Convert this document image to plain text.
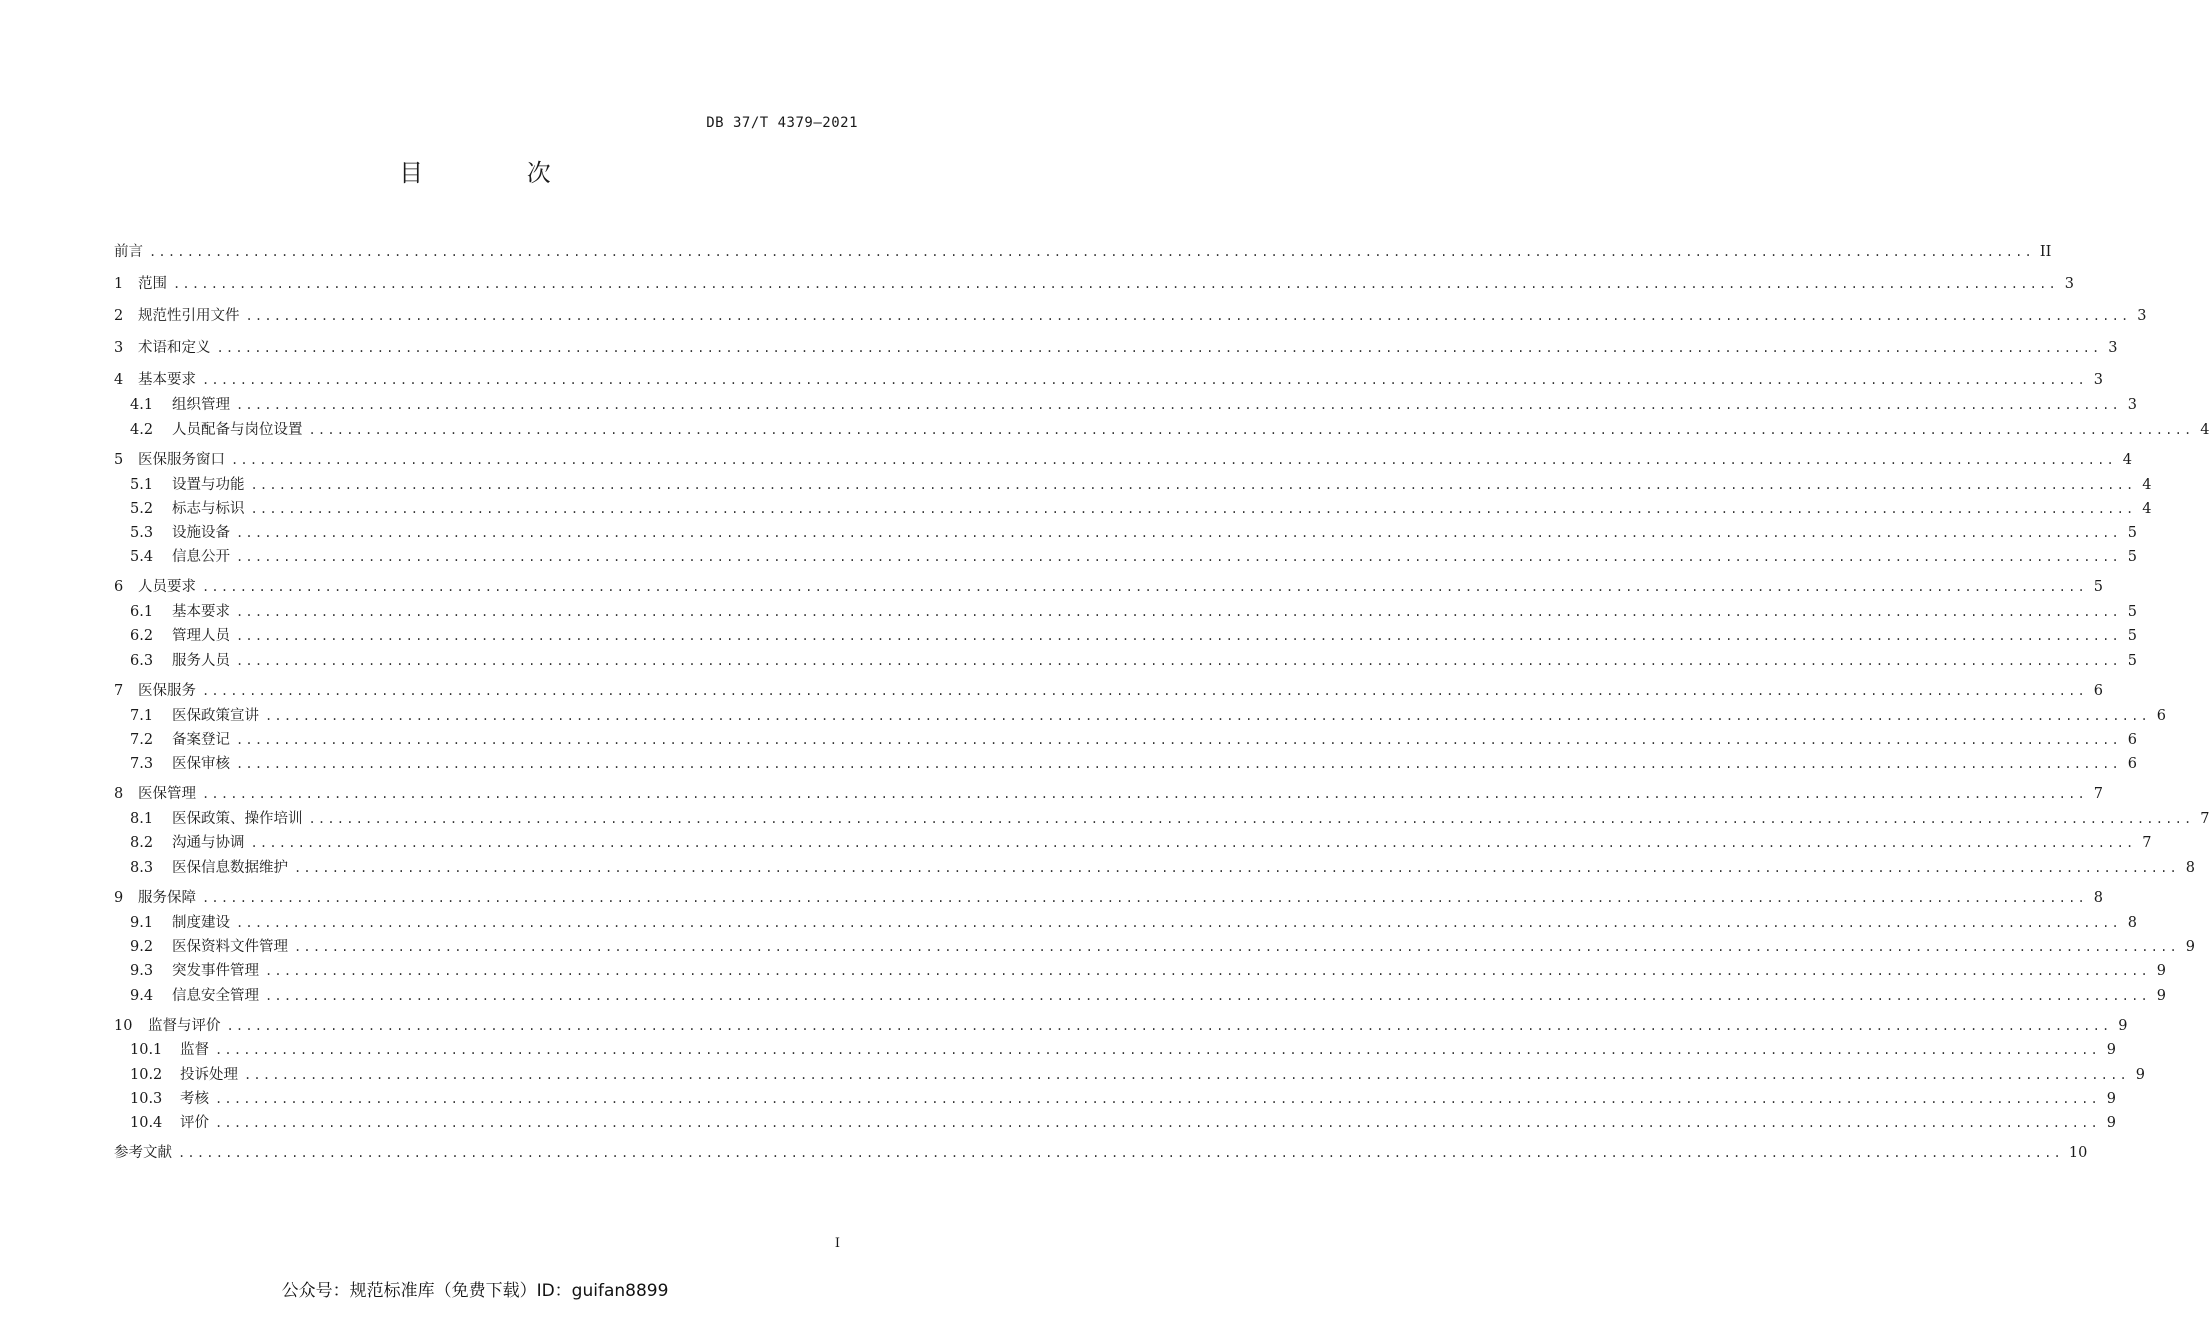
DB 37/T 4379—2021
目 次
前言 ........................................................................................................................................................................................................ II
1	范围 ........................................................................................................................................................................................................ 3
2	规范性引用文件 ........................................................................................................................................................................................................ 3
3	术语和定义 ........................................................................................................................................................................................................ 3
4	基本要求 ........................................................................................................................................................................................................ 3
4.1	组织管理 ........................................................................................................................................................................................................ 3
4.2	人员配备与岗位设置 ........................................................................................................................................................................................................ 4
5	医保服务窗口 ........................................................................................................................................................................................................ 4
5.1	设置与功能 ........................................................................................................................................................................................................ 4
5.2	标志与标识 ........................................................................................................................................................................................................ 4
5.3	设施设备 ........................................................................................................................................................................................................ 5
5.4	信息公开 ........................................................................................................................................................................................................ 5
6	人员要求 ........................................................................................................................................................................................................ 5
6.1	基本要求 ........................................................................................................................................................................................................ 5
6.2	管理人员 ........................................................................................................................................................................................................ 5
6.3	服务人员 ........................................................................................................................................................................................................ 5
7	医保服务 ........................................................................................................................................................................................................ 6
7.1	医保政策宣讲 ........................................................................................................................................................................................................ 6
7.2	备案登记 ........................................................................................................................................................................................................ 6
7.3	医保审核 ........................................................................................................................................................................................................ 6
8	医保管理 ........................................................................................................................................................................................................ 7
8.1	医保政策、操作培训 ........................................................................................................................................................................................................ 7
8.2	沟通与协调 ........................................................................................................................................................................................................ 7
8.3	医保信息数据维护 ........................................................................................................................................................................................................ 8
9	服务保障 ........................................................................................................................................................................................................ 8
9.1	制度建设 ........................................................................................................................................................................................................ 8
9.2	医保资料文件管理 ........................................................................................................................................................................................................ 9
9.3	突发事件管理 ........................................................................................................................................................................................................ 9
9.4	信息安全管理 ........................................................................................................................................................................................................ 9
10	监督与评价 ........................................................................................................................................................................................................ 9
10.1	监督 ........................................................................................................................................................................................................ 9
10.2	投诉处理 ........................................................................................................................................................................................................ 9
10.3	考核 ........................................................................................................................................................................................................ 9
10.4	评价 ........................................................................................................................................................................................................ 9
参考文献 ........................................................................................................................................................................................................ 10
I
公众号：规范标准库（免费下载）ID：guifan8899
